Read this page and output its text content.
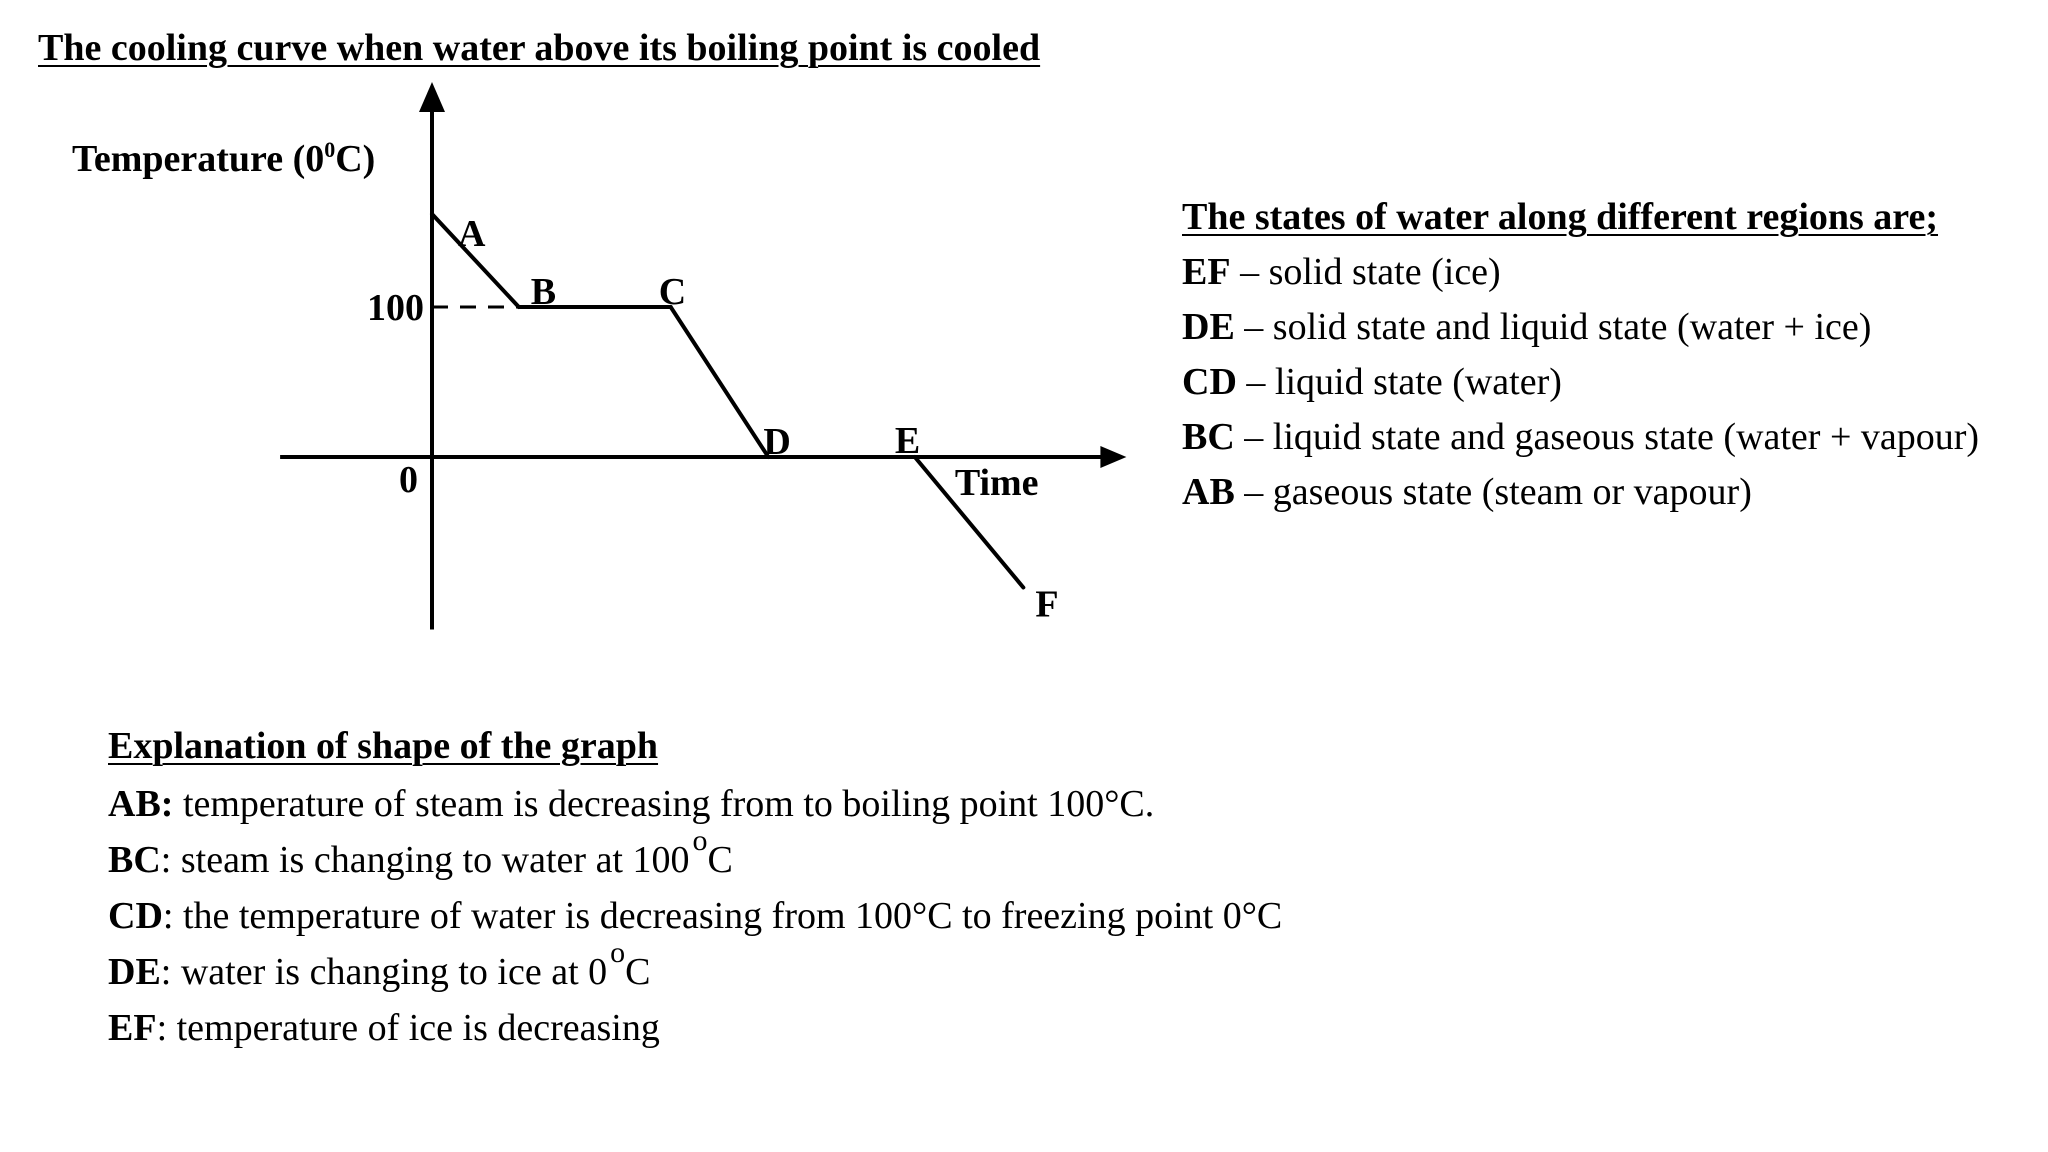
The cooling curve when water above its boiling point is cooled
100
0
A
B	C
D	E
F
Time
Temperature $(0^0C)$
The states of water along different regions are;
EF – solid state (ice)
DE – solid state and liquid state (water + ice)
CD – liquid state (water)
BC – liquid state and gaseous state (water + vapour)
AB – gaseous state (steam or vapour)
Explanation of shape of the graph
AB: temperature of steam is decreasing from to boiling point 100°C.
BC: steam is changing to water at 100 $^o$C
CD: the temperature of water is decreasing from 100°C to freezing point 0°C
DE: water is changing to ice at 0 $^o$C
EF: temperature of ice is decreasing
